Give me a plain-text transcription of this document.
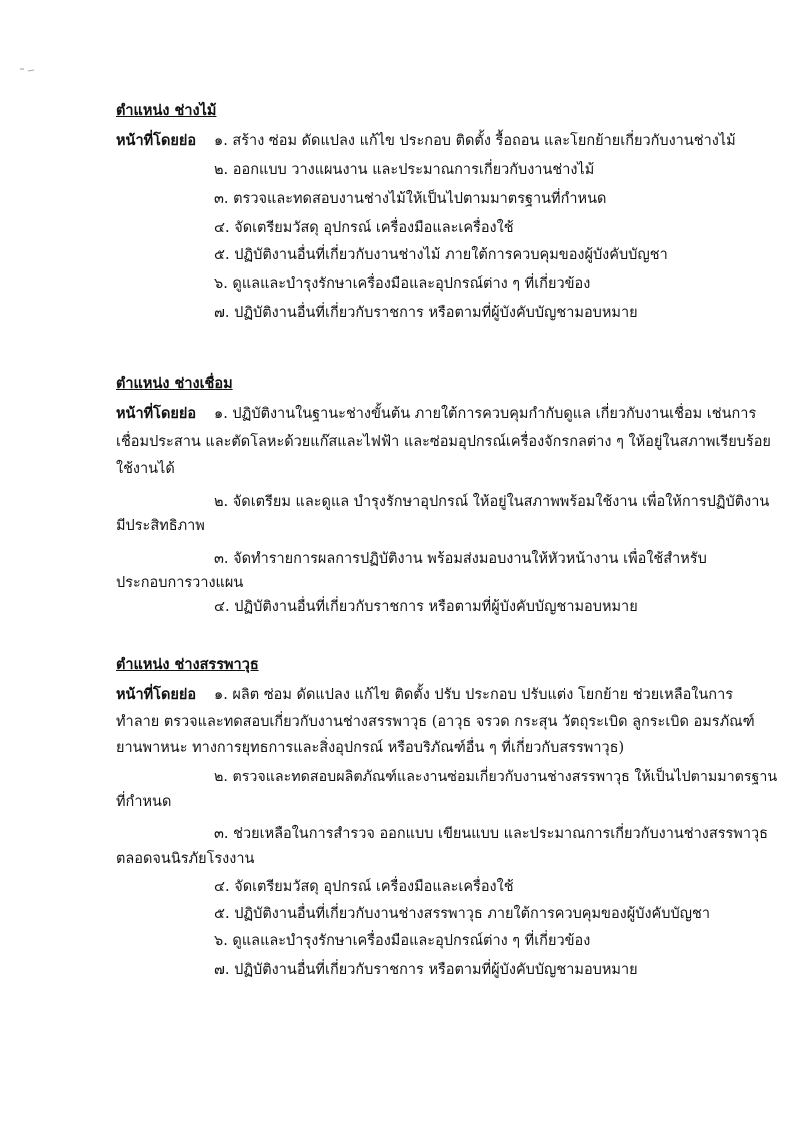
ตำแหน่ง ช่างไม้
หน้าที่โดยย่อ ๑. สร้าง ซ่อม ดัดแปลง แก้ไข ประกอบ ติดตั้ง รื้อถอน และโยกย้ายเกี่ยวกับงานช่างไม้
๒. ออกแบบ วางแผนงาน และประมาณการเกี่ยวกับงานช่างไม้
๓. ตรวจและทดสอบงานช่างไม้ให้เป็นไปตามมาตรฐานที่กำหนด
๔. จัดเตรียมวัสดุ อุปกรณ์ เครื่องมือและเครื่องใช้
๕. ปฏิบัติงานอื่นที่เกี่ยวกับงานช่างไม้ ภายใต้การควบคุมของผู้บังคับบัญชา
๖. ดูแลและบำรุงรักษาเครื่องมือและอุปกรณ์ต่าง ๆ ที่เกี่ยวข้อง
๗. ปฏิบัติงานอื่นที่เกี่ยวกับราชการ หรือตามที่ผู้บังคับบัญชามอบหมาย
ตำแหน่ง ช่างเชื่อม
หน้าที่โดยย่อ ๑. ปฏิบัติงานในฐานะช่างขั้นต้น ภายใต้การควบคุมกำกับดูแล เกี่ยวกับงานเชื่อม เช่นการ
เชื่อมประสาน และตัดโลหะด้วยแก๊สและไฟฟ้า และซ่อมอุปกรณ์เครื่องจักรกลต่าง ๆ ให้อยู่ในสภาพเรียบร้อย
ใช้งานได้
๒. จัดเตรียม และดูแล บำรุงรักษาอุปกรณ์ ให้อยู่ในสภาพพร้อมใช้งาน เพื่อให้การปฏิบัติงาน
มีประสิทธิภาพ
๓. จัดทำรายการผลการปฏิบัติงาน พร้อมส่งมอบงานให้หัวหน้างาน เพื่อใช้สำหรับ
ประกอบการวางแผน
๔. ปฏิบัติงานอื่นที่เกี่ยวกับราชการ หรือตามที่ผู้บังคับบัญชามอบหมาย
ตำแหน่ง ช่างสรรพาวุธ
หน้าที่โดยย่อ ๑. ผลิต ซ่อม ดัดแปลง แก้ไข ติดตั้ง ปรับ ประกอบ ปรับแต่ง โยกย้าย ช่วยเหลือในการ
ทำลาย ตรวจและทดสอบเกี่ยวกับงานช่างสรรพาวุธ (อาวุธ จรวด กระสุน วัตถุระเบิด ลูกระเบิด อมรภัณฑ์
ยานพาหนะ ทางการยุทธการและสิ่งอุปกรณ์ หรือบริภัณฑ์อื่น ๆ ที่เกี่ยวกับสรรพาวุธ)
๒. ตรวจและทดสอบผลิตภัณฑ์และงานซ่อมเกี่ยวกับงานช่างสรรพาวุธ ให้เป็นไปตามมาตรฐาน
ที่กำหนด
๓. ช่วยเหลือในการสำรวจ ออกแบบ เขียนแบบ และประมาณการเกี่ยวกับงานช่างสรรพาวุธ
ตลอดจนนิรภัยโรงงาน
๔. จัดเตรียมวัสดุ อุปกรณ์ เครื่องมือและเครื่องใช้
๕. ปฏิบัติงานอื่นที่เกี่ยวกับงานช่างสรรพาวุธ ภายใต้การควบคุมของผู้บังคับบัญชา
๖. ดูแลและบำรุงรักษาเครื่องมือและอุปกรณ์ต่าง ๆ ที่เกี่ยวข้อง
๗. ปฏิบัติงานอื่นที่เกี่ยวกับราชการ หรือตามที่ผู้บังคับบัญชามอบหมาย
